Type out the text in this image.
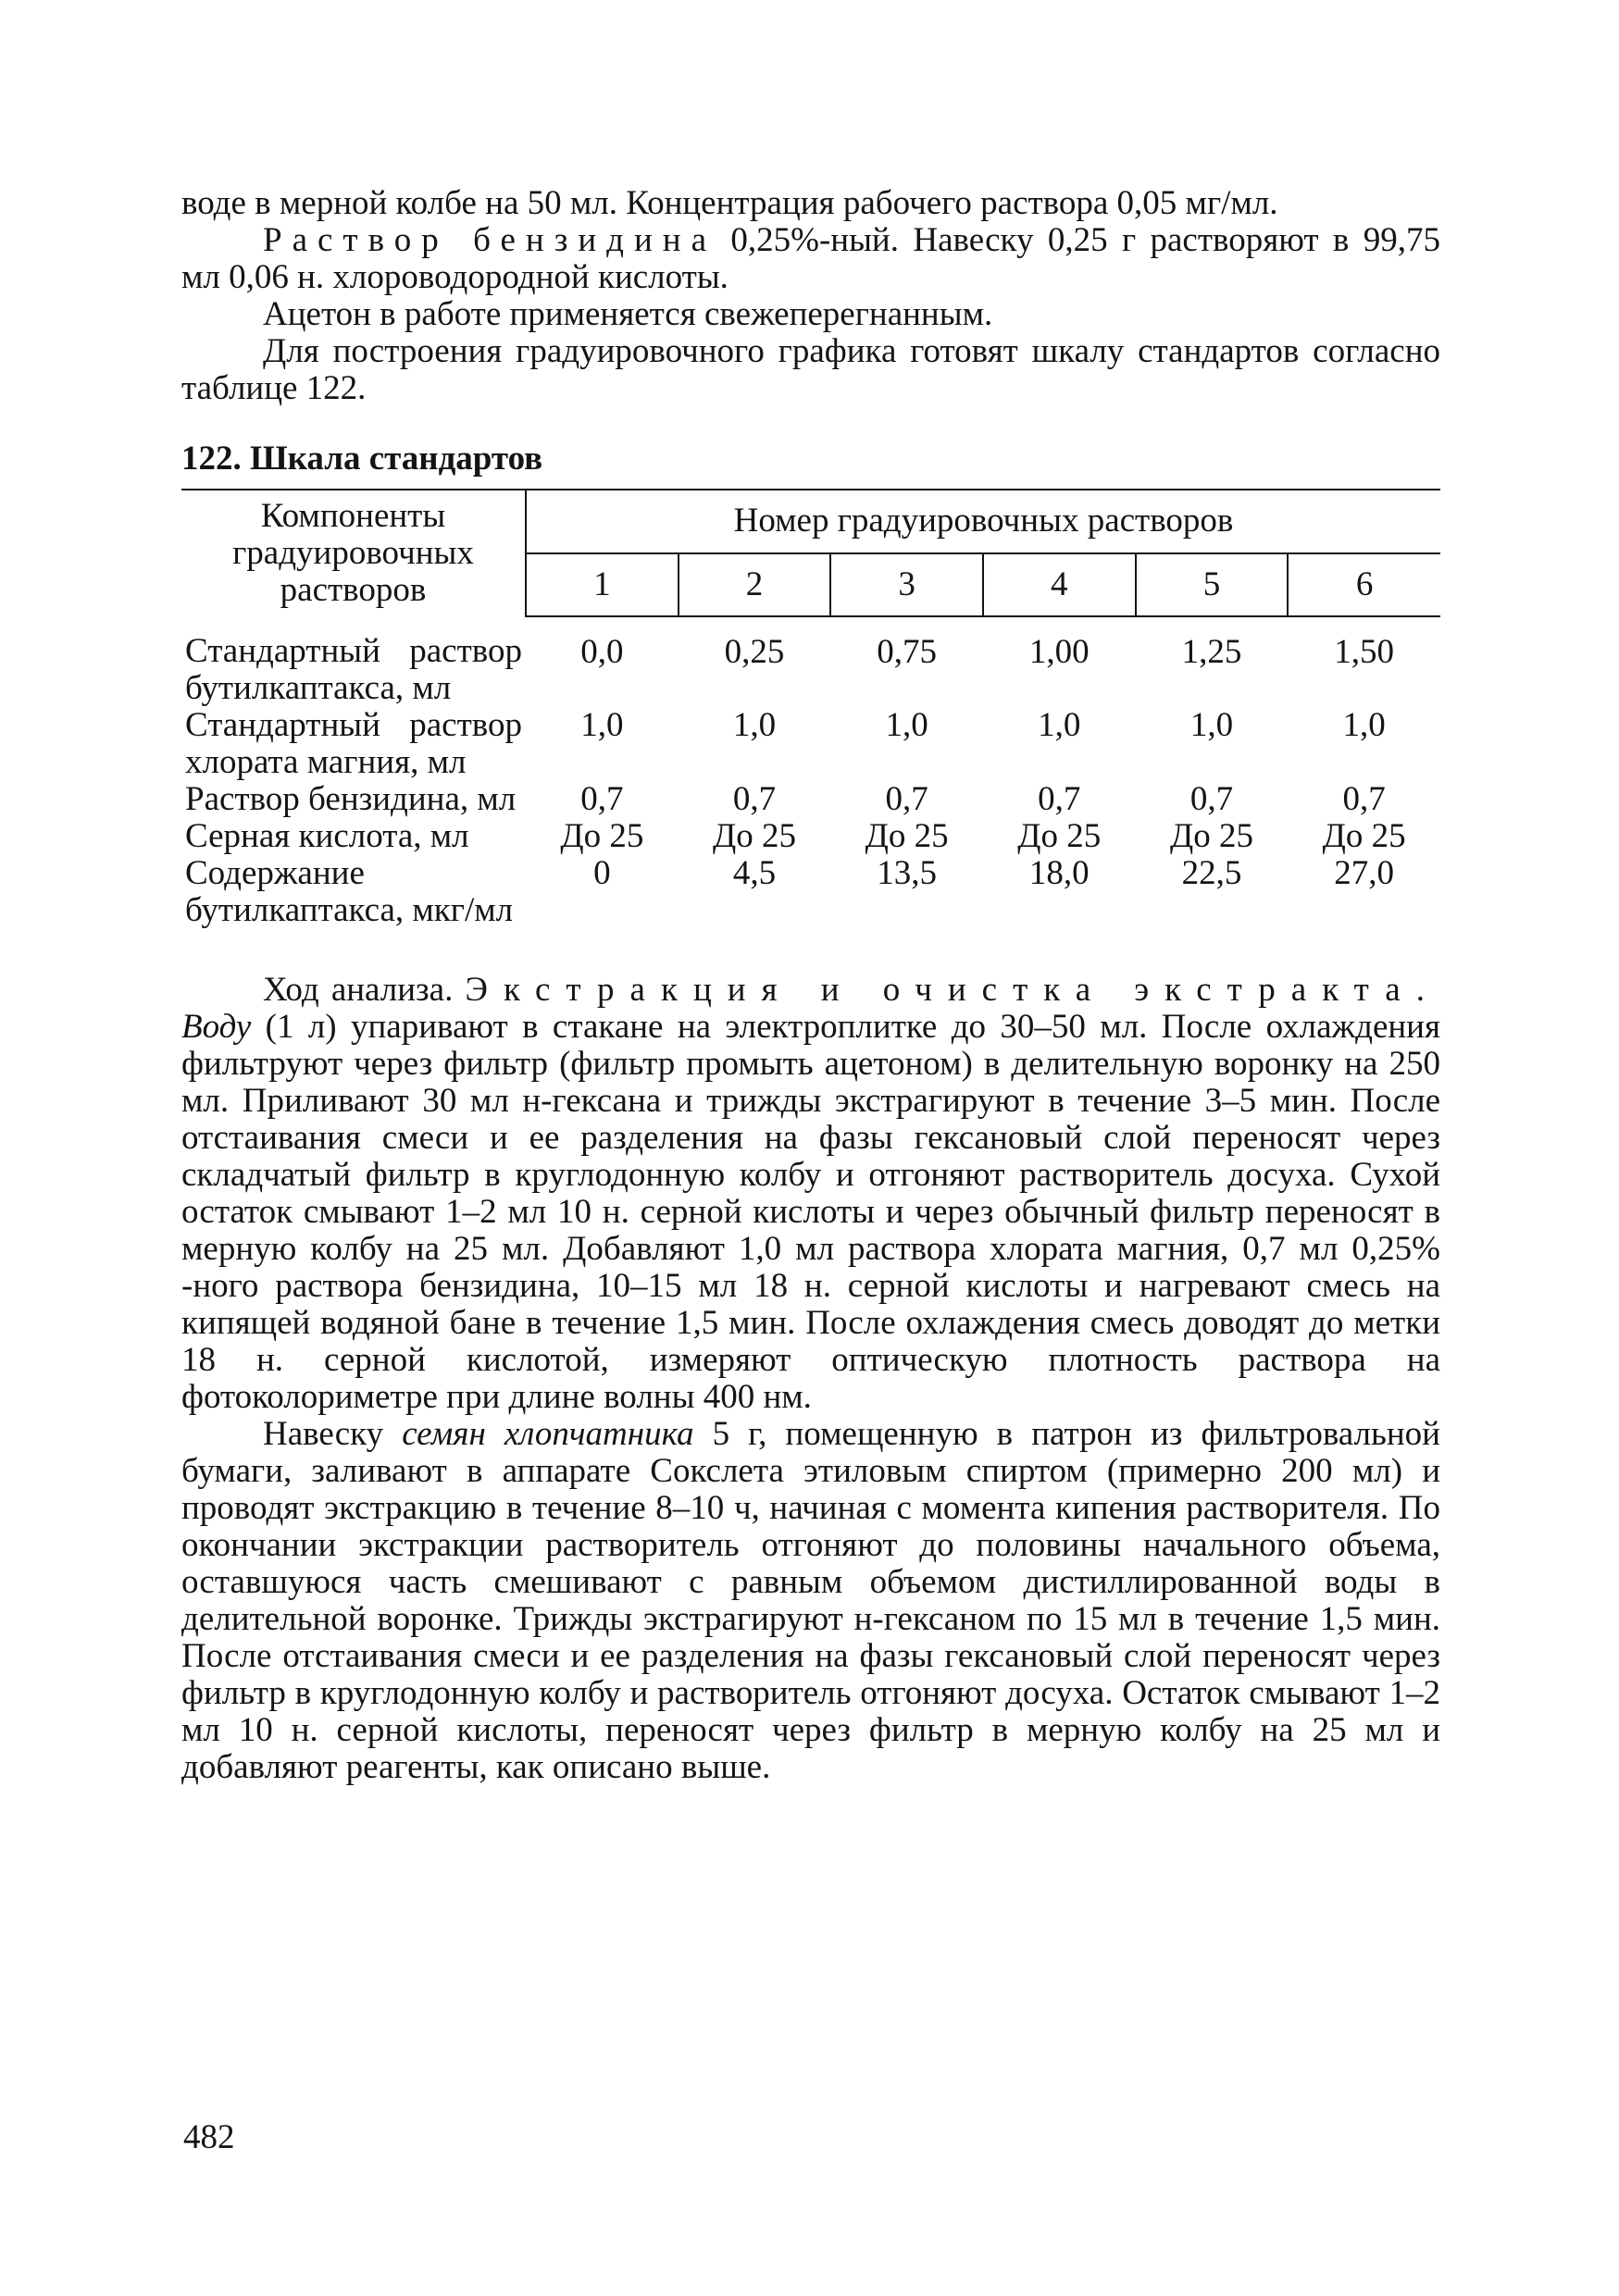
воде в мерной колбе на 50 мл. Концентрация рабочего раствора 0,05 мг/мл.

Раствор бензидина 0,25%-ный. Навеску 0,25 г растворяют в 99,75 мл 0,06 н. хлороводородной кислоты.

Ацетон в работе применяется свежеперегнанным.

Для построения градуировочного графика готовят шкалу стандартов согласно таблице 122.

122. Шкала стандартов
Компоненты градуировочных растворов	Номер градуировочных растворов					
	1	2	3	4	5	6
Стандартный раствор бутилкаптакса, мл	0,0	0,25	0,75	1,00	1,25	1,50
Стандартный раствор хлората магния, мл	1,0	1,0	1,0	1,0	1,0	1,0
Раствор бензидина, мл	0,7	0,7	0,7	0,7	0,7	0,7
Серная кислота, мл	До 25	До 25	До 25	До 25	До 25	До 25
Содержание бутилкаптакса, мкг/мл	0	4,5	13,5	18,0	22,5	27,0

Ход анализа. Экстракция и очистка экстракта. Воду (1 л) упаривают в стакане на электроплитке до 30–50 мл. После охлаждения фильтруют через фильтр (фильтр промыть ацетоном) в делительную воронку на 250 мл. Приливают 30 мл н-гексана и трижды экстрагируют в течение 3–5 мин. После отстаивания смеси и ее разделения на фазы гексановый слой переносят через складчатый фильтр в круглодонную колбу и отгоняют растворитель досуха. Сухой остаток смывают 1–2 мл 10 н. серной кислоты и через обычный фильтр переносят в мерную колбу на 25 мл. Добавляют 1,0 мл раствора хлората магния, 0,7 мл 0,25% -ного раствора бензидина, 10–15 мл 18 н. серной кислоты и нагревают смесь на кипящей водяной бане в течение 1,5 мин. После охлаждения смесь доводят до метки 18 н. серной кислотой, измеряют оптическую плотность раствора на фотоколориметре при длине волны 400 нм.

Навеску семян хлопчатника 5 г, помещенную в патрон из фильтровальной бумаги, заливают в аппарате Сокслета этиловым спиртом (примерно 200 мл) и проводят экстракцию в течение 8–10 ч, начиная с момента кипения растворителя. По окончании экстракции растворитель отгоняют до половины начального объема, оставшуюся часть смешивают с равным объемом дистиллированной воды в делительной воронке. Трижды экстрагируют н-гексаном по 15 мл в течение 1,5 мин. После отстаивания смеси и ее разделения на фазы гексановый слой переносят через фильтр в круглодонную колбу и растворитель отгоняют досуха. Остаток смывают 1–2 мл 10 н. серной кислоты, переносят через фильтр в мерную колбу на 25 мл и добавляют реагенты, как описано выше.

482
